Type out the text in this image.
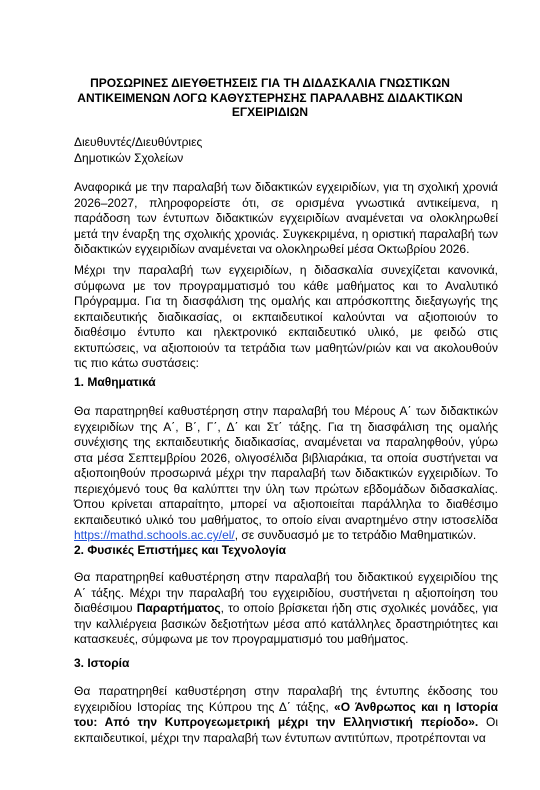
ΠΡΟΣΩΡΙΝΕΣ ΔΙΕΥΘΕΤΗΣΕΙΣ ΓΙΑ ΤΗ ΔΙΔΑΣΚΑΛΙΑ ΓΝΩΣΤΙΚΩΝ ΑΝΤΙΚΕΙΜΕΝΩΝ ΛΟΓΩ ΚΑΘΥΣΤΕΡΗΣΗΣ ΠΑΡΑΛΑΒΗΣ ΔΙΔΑΚΤΙΚΩΝ ΕΓΧΕΙΡΙΔΙΩΝ
Διευθυντές/Διευθύντριες
Δημοτικών Σχολείων
Αναφορικά με την παραλαβή των διδακτικών εγχειριδίων, για τη σχολική χρονιά 2026–2027, πληροφορείστε ότι, σε ορισμένα γνωστικά αντικείμενα, η παράδοση των έντυπων διδακτικών εγχειριδίων αναμένεται να ολοκληρωθεί μετά την έναρξη της σχολικής χρονιάς. Συγκεκριμένα, η οριστική παραλαβή των διδακτικών εγχειριδίων αναμένεται να ολοκληρωθεί μέσα Οκτωβρίου 2026.
Μέχρι την παραλαβή των εγχειριδίων, η διδασκαλία συνεχίζεται κανονικά, σύμφωνα με τον προγραμματισμό του κάθε μαθήματος και το Αναλυτικό Πρόγραμμα. Για τη διασφάλιση της ομαλής και απρόσκοπτης διεξαγωγής της εκπαιδευτικής διαδικασίας, οι εκπαιδευτικοί καλούνται να αξιοποιούν το διαθέσιμο έντυπο και ηλεκτρονικό εκπαιδευτικό υλικό, με φειδώ στις εκτυπώσεις, να αξιοποιούν τα τετράδια των μαθητών/ριών και να ακολουθούν τις πιο κάτω συστάσεις:
1. Μαθηματικά
Θα παρατηρηθεί καθυστέρηση στην παραλαβή του Μέρους Α΄ των διδακτικών εγχειριδίων της Α΄, Β΄, Γ΄, Δ΄ και Στ΄ τάξης. Για τη διασφάλιση της ομαλής συνέχισης της εκπαιδευτικής διαδικασίας, αναμένεται να παραληφθούν, γύρω στα μέσα Σεπτεμβρίου 2026, ολιγοσέλιδα βιβλιαράκια, τα οποία συστήνεται να αξιοποιηθούν προσωρινά μέχρι την παραλαβή των διδακτικών εγχειριδίων. Το περιεχόμενό τους θα καλύπτει την ύλη των πρώτων εβδομάδων διδασκαλίας. Όπου κρίνεται απαραίτητο, μπορεί να αξιοποιείται παράλληλα το διαθέσιμο εκπαιδευτικό υλικό του μαθήματος, το οποίο είναι αναρτημένο στην ιστοσελίδα https://mathd.schools.ac.cy/el/, σε συνδυασμό με το τετράδιο Μαθηματικών.
2. Φυσικές Επιστήμες και Τεχνολογία
Θα παρατηρηθεί καθυστέρηση στην παραλαβή του διδακτικού εγχειριδίου της Α΄ τάξης. Μέχρι την παραλαβή του εγχειριδίου, συστήνεται η αξιοποίηση του διαθέσιμου Παραρτήματος, το οποίο βρίσκεται ήδη στις σχολικές μονάδες, για την καλλιέργεια βασικών δεξιοτήτων μέσα από κατάλληλες δραστηριότητες και κατασκευές, σύμφωνα με τον προγραμματισμό του μαθήματος.
3. Ιστορία
Θα παρατηρηθεί καθυστέρηση στην παραλαβή της έντυπης έκδοσης του εγχειριδίου Ιστορίας της Κύπρου της Δ΄ τάξης, «Ο Άνθρωπος και η Ιστορία του: Από την Κυπρογεωμετρική μέχρι την Ελληνιστική περίοδο». Οι εκπαιδευτικοί, μέχρι την παραλαβή των έντυπων αντιτύπων, προτρέπονται να
